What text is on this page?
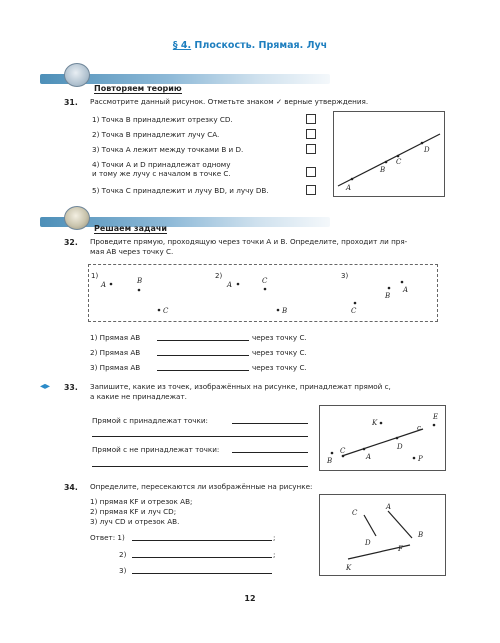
§ 4. Плоскость. Прямая. Луч
Повторяем теорию
31. Рассмотрите данный рисунок. Отметьте знаком ✓ верные утверждения.
1) Точка B принадлежит отрезку CD.
2) Точка B принадлежит лучу CA.
3) Точка A лежит между точками B и D.
4) Точки A и D принадлежат одному
и тому же лучу с началом в точке C.
5) Точка C принадлежит и лучу BD, и лучу DB.	A
B
C
D
Решаем задачи
32. Проведите прямую, проходящую через точки A и B. Определите, проходит ли пря-
мая AB через точку C.
1)
A	B
C
2)
A	C
B
3)
A
B
C
1) Прямая AB	через точку C.
2) Прямая AB	через точку C.
3) Прямая AB	через точку C.
◂▸ 33. Запишите, какие из точек, изображённых на рисунке, принадлежат прямой c,
а какие не принадлежат.
Прямой c принадлежат точки:
Прямой c не принадлежат точки:
K
E
c
C
B	A
D
P
34. Определите, пересекаются ли изображённые на рисунке:
1) прямая KF и отрезок AB;
2) прямая KF и луч CD;
3) луч CD и отрезок AB.
Ответ: 1)	;
2)	;
3)
C
A
B
D
F
K
12
